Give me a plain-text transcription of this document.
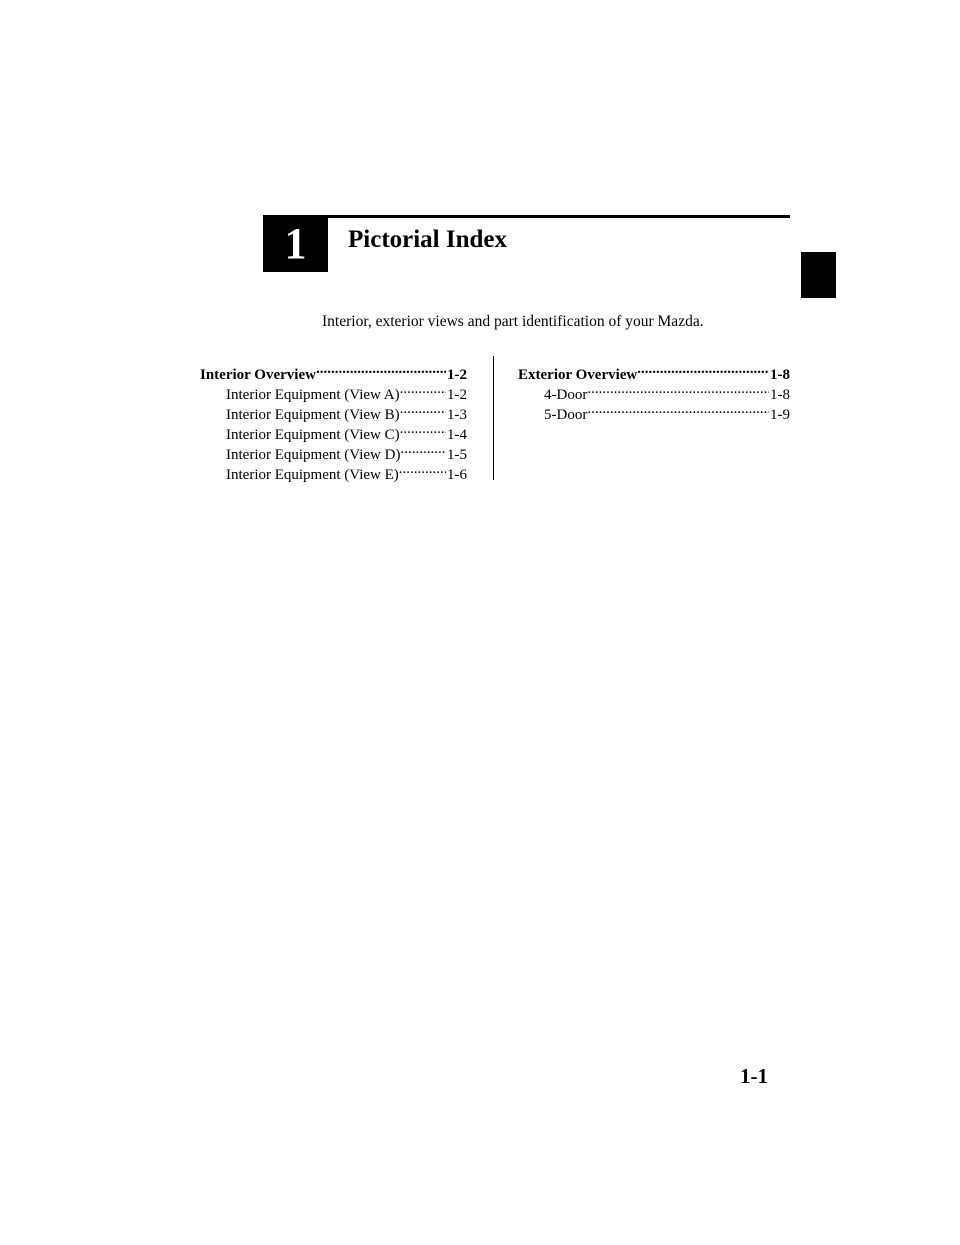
1	Pictorial Index
Interior, exterior views and part identification of your Mazda.
Interior Overview .....	1-2
Interior Equipment (View A) .....	1-2
Interior Equipment (View B) .....	1-3
Interior Equipment (View C) .....	1-4
Interior Equipment (View D) .....	1-5
Interior Equipment (View E) .....	1-6
Exterior Overview .....	1-8
4-Door .....	1-8
5-Door .....	1-9
1-1
